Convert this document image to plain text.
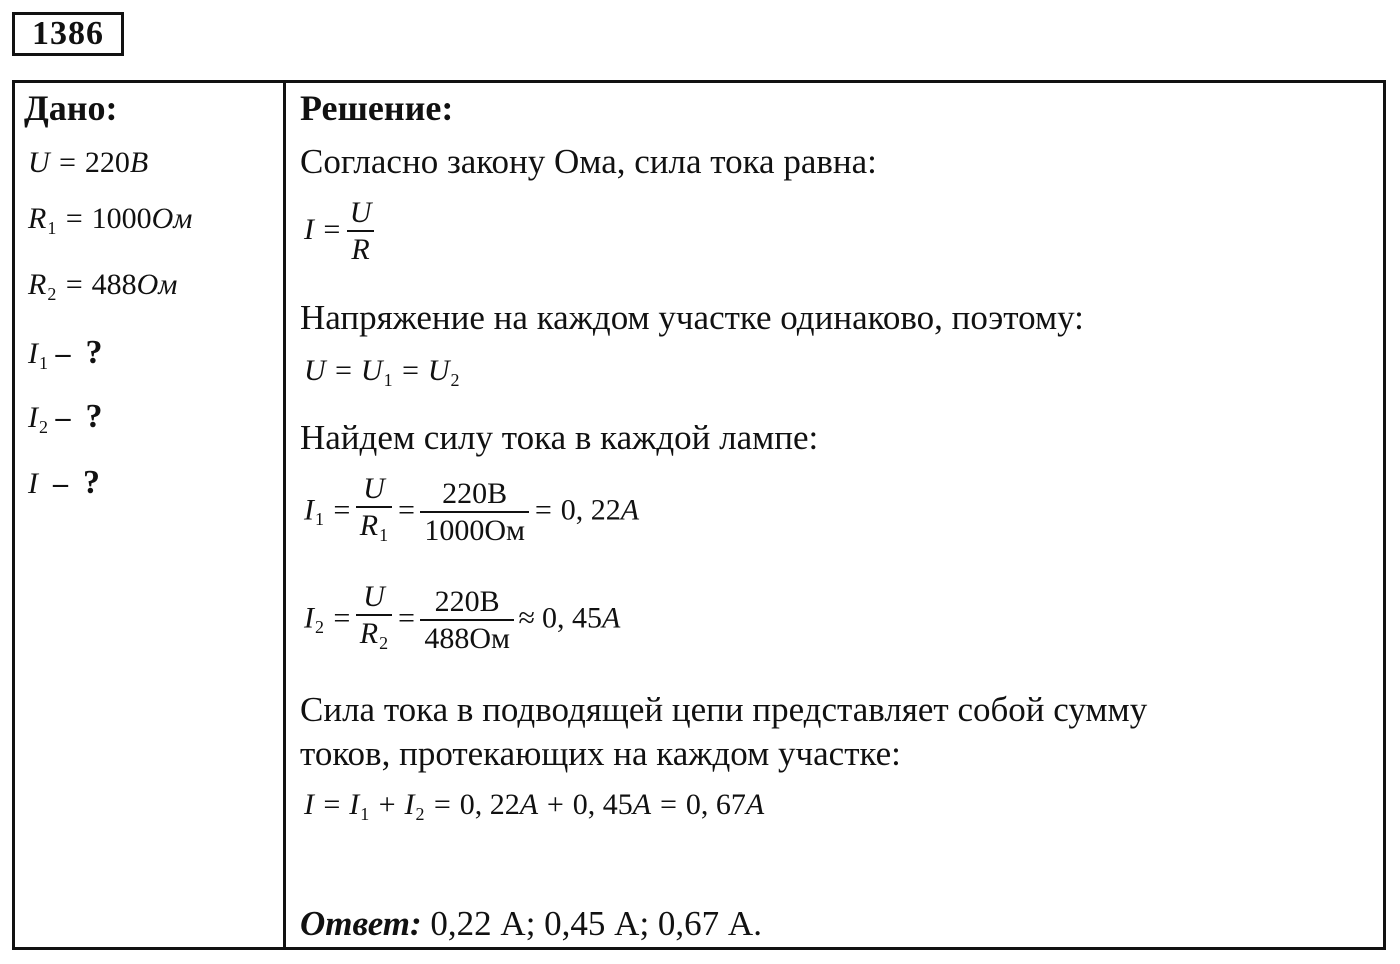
1386
Дано:
U = 220B
$R_1 = 1000Ом$
$R_2 = 488Ом$
$I_1$ – ?
$I_2$ – ?
I  – ?
Решение:
Согласно закону Ома, сила тока равна:
$I = \frac{U}{R}$
Напряжение на каждом участке одинаково, поэтому:
$U = U_1 = U_2$
Найдем силу тока в каждой лампе:
$I_1 = \frac{U}{R_1} = \frac{220B}{1000Ом} = 0$, 22A
$I_2 = \frac{U}{R_2} = \frac{220B}{488Ом} \approx 0$, 45A
Сила тока в подводящей цепи представляет собой сумму
токов, протекающих на каждом участке:
$I = I_1 + I_2 = 0$, 22A + 0, 45A = 0, 67A
Ответ: 0,22 А; 0,45 А; 0,67 А.
